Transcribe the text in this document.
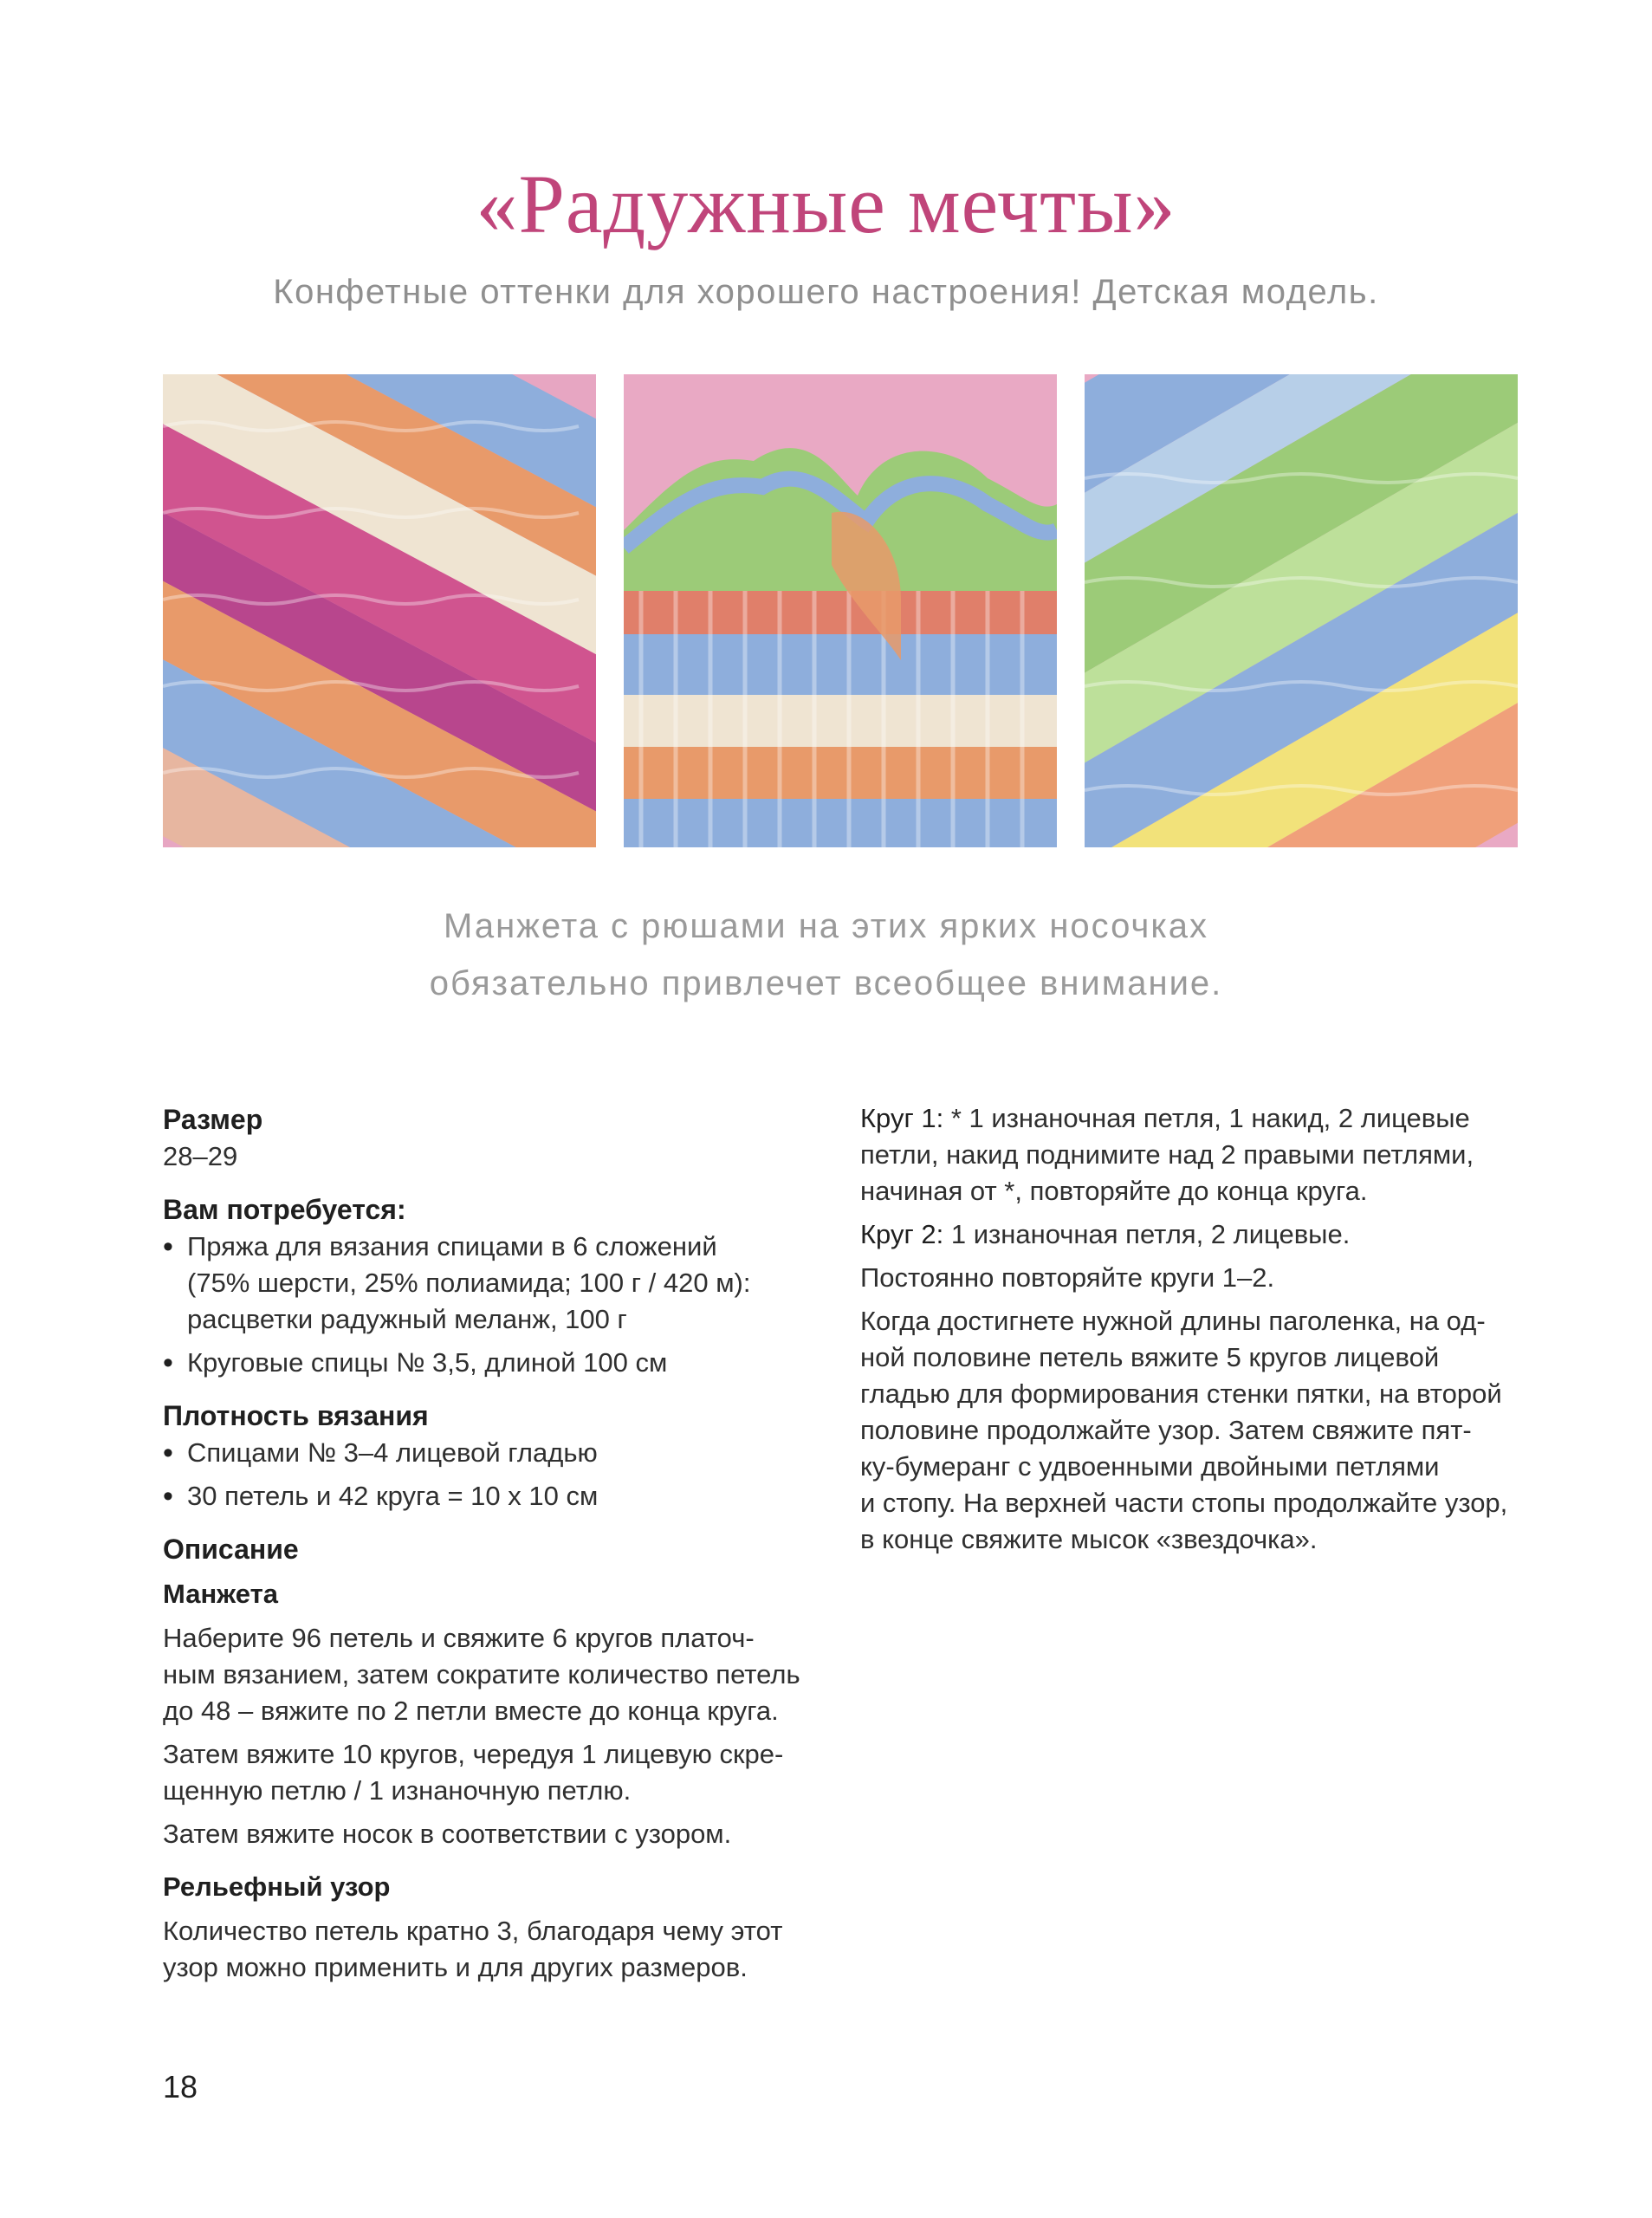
«Радужные мечты»
Конфетные оттенки для хорошего настроения! Детская модель.
Манжета с рюшами на этих ярких носочках
обязательно привлечет всеобщее внимание.
Размер
28–29
Вам потребуется:
• Пряжа для вязания спицами в 6 сложений
(75% шерсти, 25% полиамида; 100 г / 420 м):
расцветки радужный меланж, 100 г
• Круговые спицы № 3,5, длиной 100 см
Плотность вязания
• Спицами № 3–4 лицевой гладью
• 30 петель и 42 круга = 10 х 10 см
Описание
Манжета
Наберите 96 петель и свяжите 6 кругов платоч-
ным вязанием, затем сократите количество петель
до 48 – вяжите по 2 петли вместе до конца круга.
Затем вяжите 10 кругов, чередуя 1 лицевую скре-
щенную петлю / 1 изнаночную петлю.
Затем вяжите носок в соответствии с узором.
Рельефный узор
Количество петель кратно 3, благодаря чему этот
узор можно применить и для других размеров.
Круг 1: * 1 изнаночная петля, 1 накид, 2 лицевые
петли, накид поднимите над 2 правыми петлями,
начиная от *, повторяйте до конца круга.
Круг 2: 1 изнаночная петля, 2 лицевые.
Постоянно повторяйте круги 1–2.
Когда достигнете нужной длины паголенка, на од-
ной половине петель вяжите 5 кругов лицевой
гладью для формирования стенки пятки, на второй
половине продолжайте узор. Затем свяжите пят-
ку-бумеранг с удвоенными двойными петлями
и стопу. На верхней части стопы продолжайте узор,
в конце свяжите мысок «звездочка».
18
